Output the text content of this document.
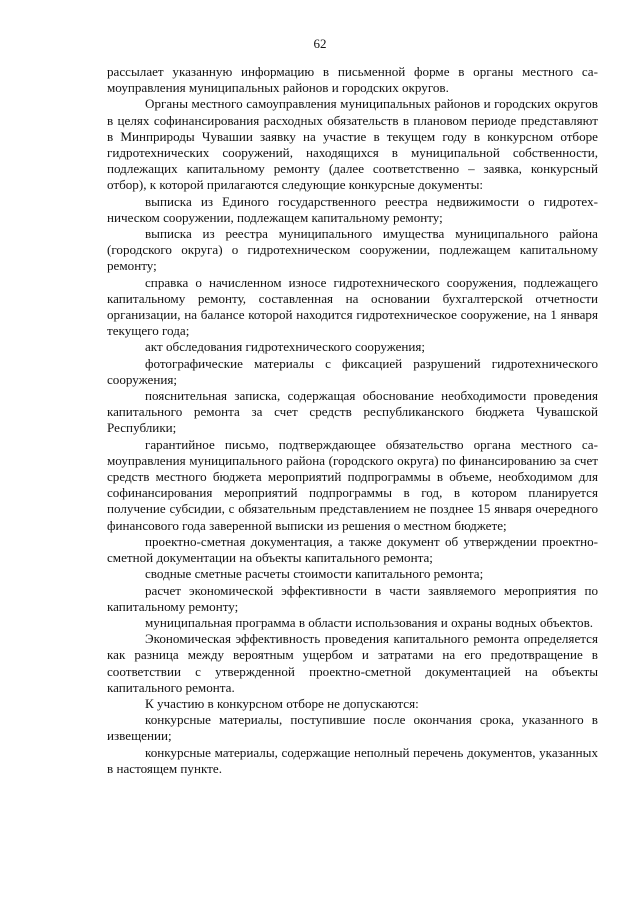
62

рассылает указанную информацию в письменной форме в органы местного самоуправления муниципальных районов и городских округов.

Органы местного самоуправления муниципальных районов и городских округов в целях софинансирования расходных обязательств в плановом периоде представляют в Минприроды Чувашии заявку на участие в текущем году в конкурсном отборе гидротехнических сооружений, находящихся в муниципальной собственности, подлежащих капитальному ремонту (далее соответственно – заявка, конкурсный отбор), к которой прилагаются следующие конкурсные документы:

выписка из Единого государственного реестра недвижимости о гидротехническом сооружении, подлежащем капитальному ремонту;

выписка из реестра муниципального имущества муниципального района (городского округа) о гидротехническом сооружении, подлежащем капитальному ремонту;

справка о начисленном износе гидротехнического сооружения, подлежащего капитальному ремонту, составленная на основании бухгалтерской отчетности организации, на балансе которой находится гидротехническое сооружение, на 1 января текущего года;

акт обследования гидротехнического сооружения;

фотографические материалы с фиксацией разрушений гидротехнического сооружения;

пояснительная записка, содержащая обоснование необходимости проведения капитального ремонта за счет средств республиканского бюджета Чувашской Республики;

гарантийное письмо, подтверждающее обязательство органа местного самоуправления муниципального района (городского округа) по финансированию за счет средств местного бюджета мероприятий подпрограммы в объеме, необходимом для софинансирования мероприятий подпрограммы в год, в котором планируется получение субсидии, с обязательным представлением не позднее 15 января очередного финансового года заверенной выписки из решения о местном бюджете;

проектно-сметная документация, а также документ об утверждении проектно-сметной документации на объекты капитального ремонта;

сводные сметные расчеты стоимости капитального ремонта;

расчет экономической эффективности в части заявляемого мероприятия по капитальному ремонту;

муниципальная программа в области использования и охраны водных объектов.

Экономическая эффективность проведения капитального ремонта определяется как разница между вероятным ущербом и затратами на его предотвращение в соответствии с утвержденной проектно-сметной документацией на объекты капитального ремонта.

К участию в конкурсном отборе не допускаются:

конкурсные материалы, поступившие после окончания срока, указанного в извещении;

конкурсные материалы, содержащие неполный перечень документов, указанных в настоящем пункте.
